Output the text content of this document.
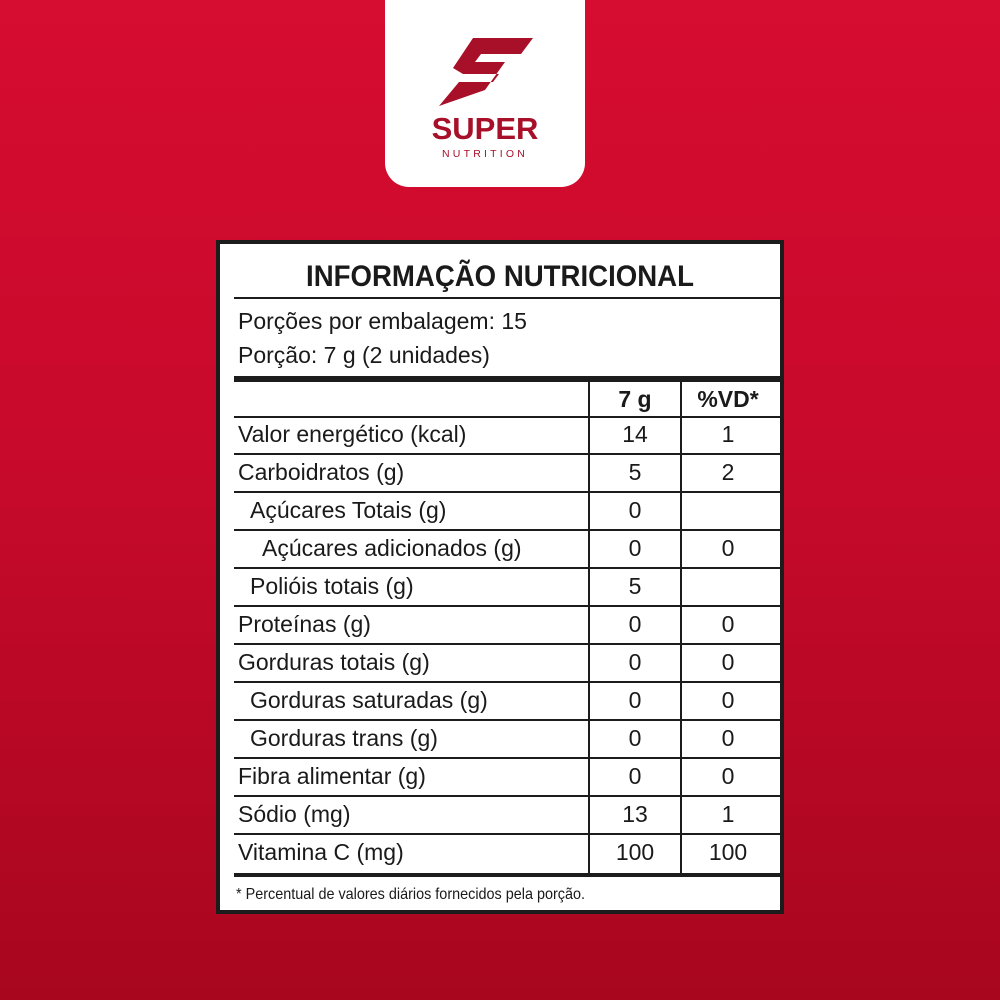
SUPER
NUTRITION
INFORMAÇÃO NUTRICIONAL
Porções por embalagem: 15
Porção: 7 g (2 unidades)
7 g	%VD*
Valor energético (kcal)	14	1
Carboidratos (g)	5	2
Açúcares Totais (g)	0
Açúcares adicionados (g)	0	0
Polióis totais (g)	5
Proteínas (g)	0	0
Gorduras totais (g)	0	0
Gorduras saturadas (g)	0	0
Gorduras trans (g)	0	0
Fibra alimentar (g)	0	0
Sódio (mg)	13	1
Vitamina C (mg)	100	100
* Percentual de valores diários fornecidos pela porção.
